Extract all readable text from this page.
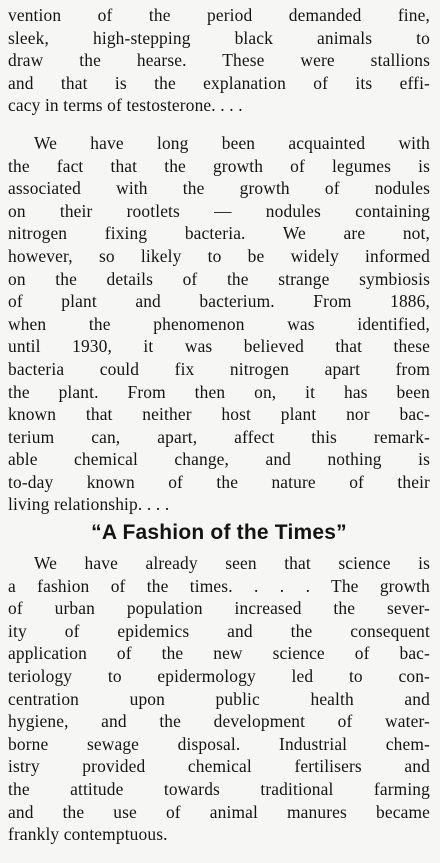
vention of the period demanded fine,
sleek, high-stepping black animals to
draw the hearse. These were stallions
and that is the explanation of its effi-
cacy in terms of testosterone. . . .

We have long been acquainted with
the fact that the growth of legumes is
associated with the growth of nodules
on their rootlets — nodules containing
nitrogen fixing bacteria. We are not,
however, so likely to be widely informed
on the details of the strange symbiosis
of plant and bacterium. From 1886,
when the phenomenon was identified,
until 1930, it was believed that these
bacteria could fix nitrogen apart from
the plant. From then on, it has been
known that neither host plant nor bac-
terium can, apart, affect this remark-
able chemical change, and nothing is
to-day known of the nature of their
living relationship. . . .

“A Fashion of the Times”

We have already seen that science is
a fashion of the times. . . . The growth
of urban population increased the sever-
ity of epidemics and the consequent
application of the new science of bac-
teriology to epidermology led to con-
centration upon public health and
hygiene, and the development of water-
borne sewage disposal. Industrial chem-
istry provided chemical fertilisers and
the attitude towards traditional farming
and the use of animal manures became
frankly contemptuous.
